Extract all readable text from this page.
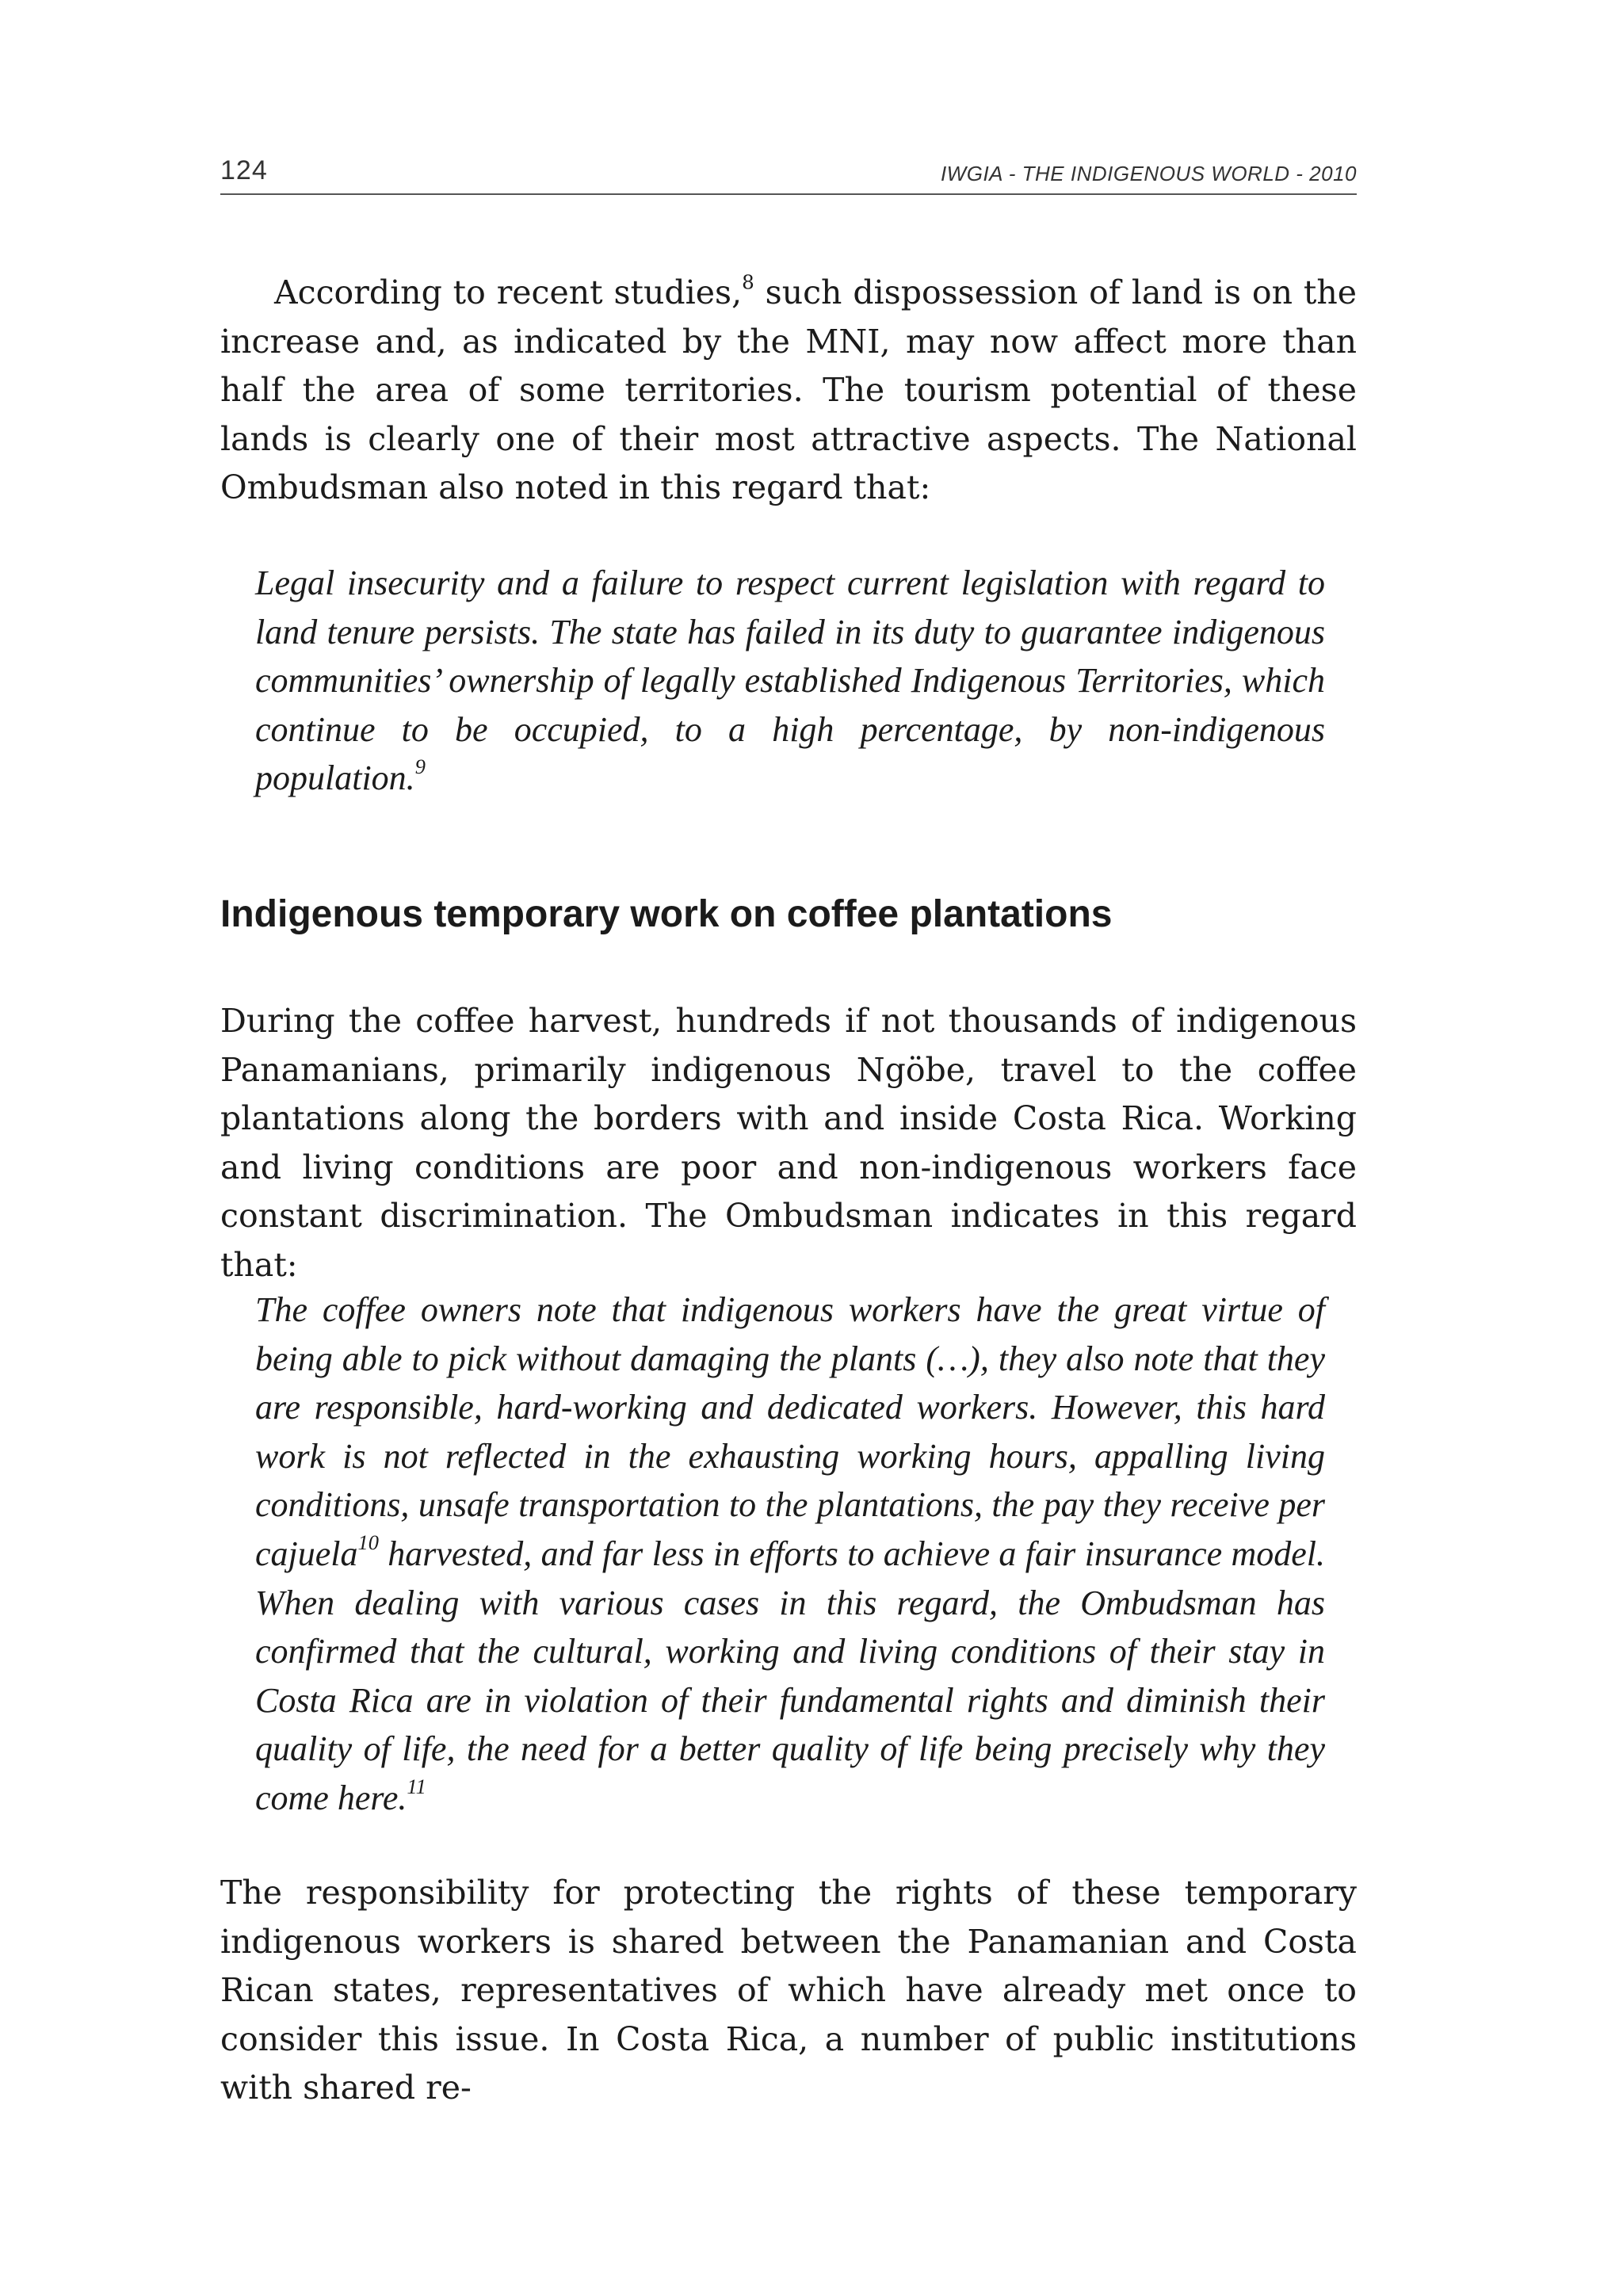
124	IWGIA - THE INDIGENOUS WORLD - 2010

According to recent studies,$^8$ such dispossession of land is on the increase and, as indicated by the MNI, may now affect more than half the area of some territories. The tourism potential of these lands is clearly one of their most attractive aspects. The National Ombudsman also noted in this regard that:

Legal insecurity and a failure to respect current legislation with regard to land tenure persists. The state has failed in its duty to guarantee indigenous communities’ ownership of legally established Indigenous Territories, which continue to be occupied, to a high percentage, by non-indigenous population.$^9$

Indigenous temporary work on coffee plantations

During the coffee harvest, hundreds if not thousands of indigenous Panamanians, primarily indigenous Ngöbe, travel to the coffee plantations along the borders with and inside Costa Rica. Working and living conditions are poor and non-indigenous workers face constant discrimination. The Ombudsman indicates in this regard that:

The coffee owners note that indigenous workers have the great virtue of being able to pick without damaging the plants (…), they also note that they are responsible, hard-working and dedicated workers. However, this hard work is not reflected in the exhausting working hours, appalling living conditions, unsafe transportation to the plantations, the pay they receive per cajuela$^{10}$ harvested, and far less in efforts to achieve a fair insurance model. When dealing with various cases in this regard, the Ombudsman has confirmed that the cultural, working and living conditions of their stay in Costa Rica are in violation of their fundamental rights and diminish their quality of life, the need for a better quality of life being precisely why they come here.$^{11}$

The responsibility for protecting the rights of these temporary indigenous workers is shared between the Panamanian and Costa Rican states, representatives of which have already met once to consider this issue. In Costa Rica, a number of public institutions with shared re-
